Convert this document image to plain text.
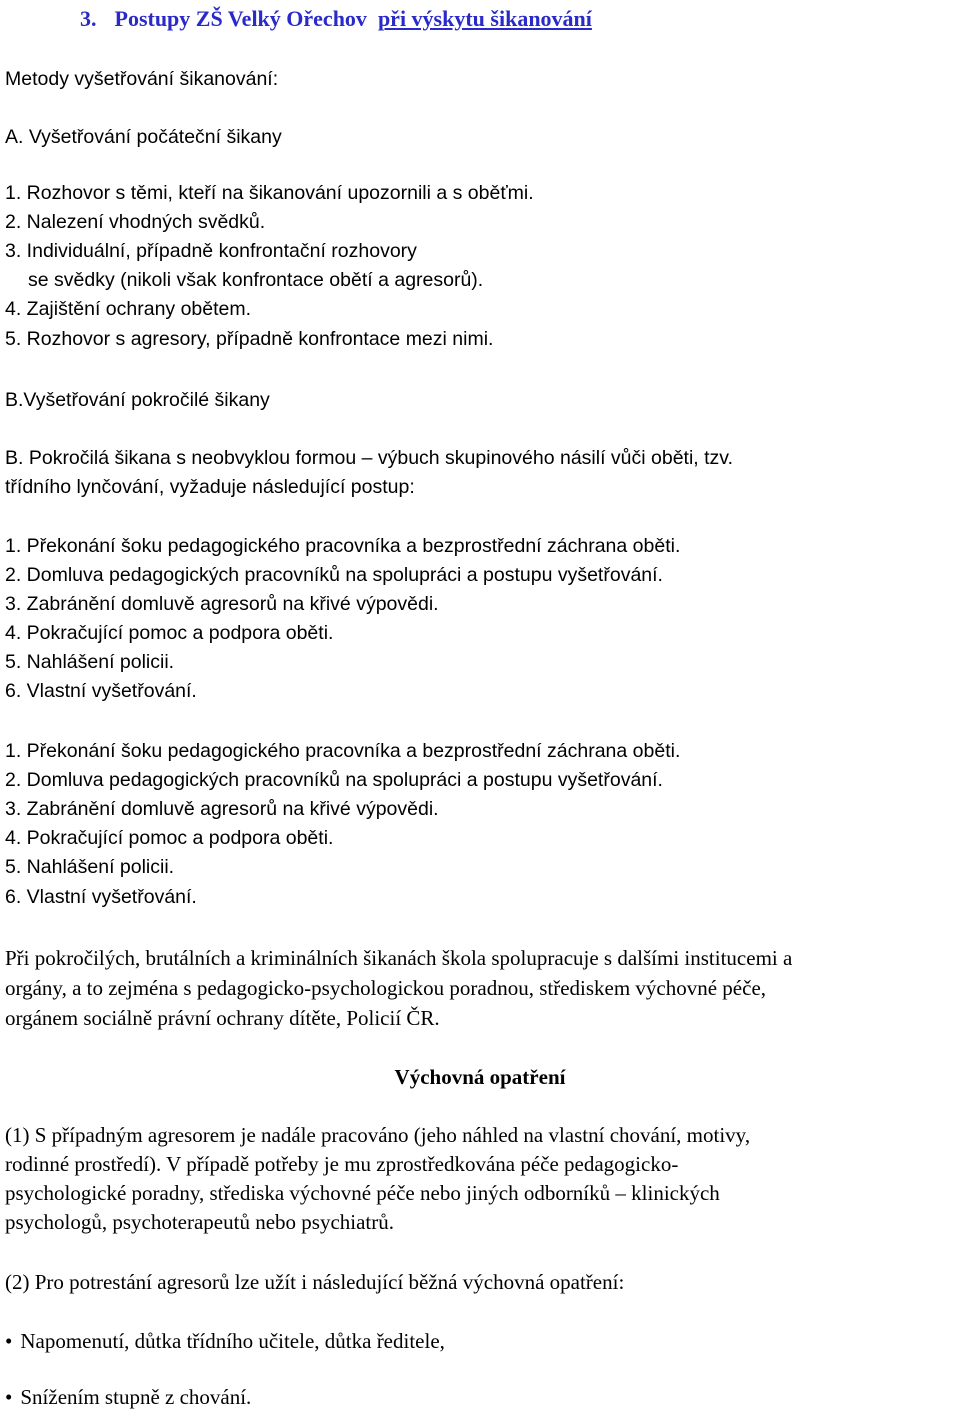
3. Postupy ZŠ Velký Ořechov při výskytu šikanování
Metody vyšetřování šikanování:
A. Vyšetřování počáteční šikany
1. Rozhovor s těmi, kteří na šikanování upozornili a s oběťmi.
2. Nalezení vhodných svědků.
3. Individuální, případně konfrontační rozhovory
se svědky (nikoli však konfrontace obětí a agresorů).
4. Zajištění ochrany obětem.
5. Rozhovor s agresory, případně konfrontace mezi nimi.
B.Vyšetřování pokročilé šikany
B. Pokročilá šikana s neobvyklou formou – výbuch skupinového násilí vůči oběti, tzv.
třídního lynčování, vyžaduje následující postup:
1. Překonání šoku pedagogického pracovníka a bezprostřední záchrana oběti.
2. Domluva pedagogických pracovníků na spolupráci a postupu vyšetřování.
3. Zabránění domluvě agresorů na křivé výpovědi.
4. Pokračující pomoc a podpora oběti.
5. Nahlášení policii.
6. Vlastní vyšetřování.
1. Překonání šoku pedagogického pracovníka a bezprostřední záchrana oběti.
2. Domluva pedagogických pracovníků na spolupráci a postupu vyšetřování.
3. Zabránění domluvě agresorů na křivé výpovědi.
4. Pokračující pomoc a podpora oběti.
5. Nahlášení policii.
6. Vlastní vyšetřování.
Při pokročilých, brutálních a kriminálních šikanách škola spolupracuje s dalšími institucemi a
orgány, a to zejména s pedagogicko-psychologickou poradnou, střediskem výchovné péče,
orgánem sociálně právní ochrany dítěte, Policií ČR.
Výchovná opatření
(1) S případným agresorem je nadále pracováno (jeho náhled na vlastní chování, motivy,
rodinné prostředí). V případě potřeby je mu zprostředkována péče pedagogicko-
psychologické poradny, střediska výchovné péče nebo jiných odborníků – klinických
psychologů, psychoterapeutů nebo psychiatrů.
(2) Pro potrestání agresorů lze užít i následující běžná výchovná opatření:
• Napomenutí, důtka třídního učitele, důtka ředitele,
• Snížením stupně z chování.
